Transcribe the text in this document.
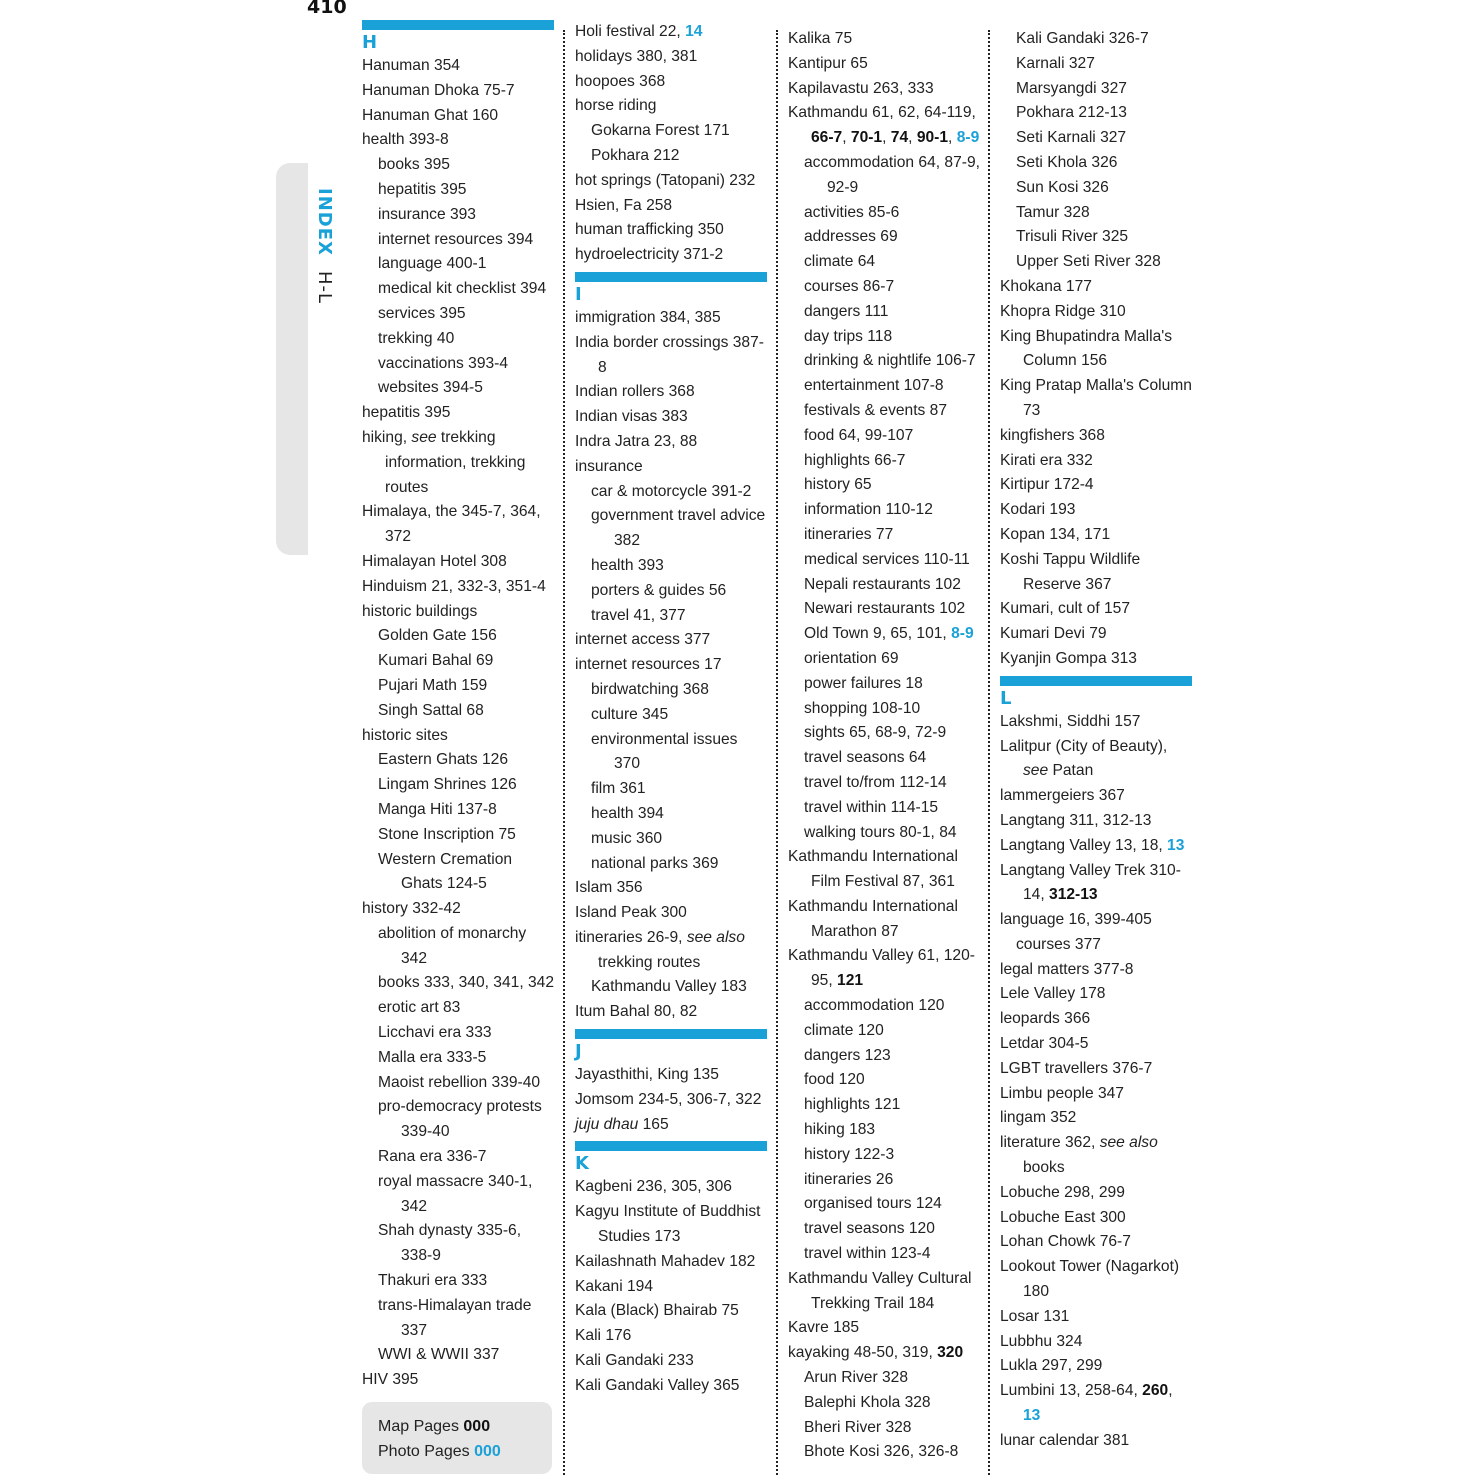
410
INDEX H-L
H
Hanuman 354
Hanuman Dhoka 75-7
Hanuman Ghat 160
health 393-8
books 395
hepatitis 395
insurance 393
internet resources 394
language 400-1
medical kit checklist 394
services 395
trekking 40
vaccinations 393-4
websites 394-5
hepatitis 395
hiking, see trekking information, trekking routes
Himalaya, the 345-7, 364, 372
Himalayan Hotel 308
Hinduism 21, 332-3, 351-4
historic buildings
Golden Gate 156
Kumari Bahal 69
Pujari Math 159
Singh Sattal 68
historic sites
Eastern Ghats 126
Lingam Shrines 126
Manga Hiti 137-8
Stone Inscription 75
Western Cremation Ghats 124-5
history 332-42
abolition of monarchy 342
books 333, 340, 341, 342
erotic art 83
Licchavi era 333
Malla era 333-5
Maoist rebellion 339-40
pro-democracy protests 339-40
Rana era 336-7
royal massacre 340-1, 342
Shah dynasty 335-6, 338-9
Thakuri era 333
trans-Himalayan trade 337
WWI & WWII 337
HIV 395
Holi festival 22, 14
holidays 380, 381
hoopoes 368
horse riding
Gokarna Forest 171
Pokhara 212
hot springs (Tatopani) 232
Hsien, Fa 258
human trafficking 350
hydroelectricity 371-2
I
immigration 384, 385
India border crossings 387-8
Indian rollers 368
Indian visas 383
Indra Jatra 23, 88
insurance
car & motorcycle 391-2
government travel advice 382
health 393
porters & guides 56
travel 41, 377
internet access 377
internet resources 17
birdwatching 368
culture 345
environmental issues 370
film 361
health 394
music 360
national parks 369
Islam 356
Island Peak 300
itineraries 26-9, see also trekking routes
Kathmandu Valley 183
Itum Bahal 80, 82
J
Jayasthithi, King 135
Jomsom 234-5, 306-7, 322
juju dhau 165
K
Kagbeni 236, 305, 306
Kagyu Institute of Buddhist Studies 173
Kailashnath Mahadev 182
Kakani 194
Kala (Black) Bhairab 75
Kali 176
Kali Gandaki 233
Kali Gandaki Valley 365
Kalika 75
Kantipur 65
Kapilavastu 263, 333
Kathmandu 61, 62, 64-119, 66-7, 70-1, 74, 90-1, 8-9
accommodation 64, 87-9, 92-9
activities 85-6
addresses 69
climate 64
courses 86-7
dangers 111
day trips 118
drinking & nightlife 106-7
entertainment 107-8
festivals & events 87
food 64, 99-107
highlights 66-7
history 65
information 110-12
itineraries 77
medical services 110-11
Nepali restaurants 102
Newari restaurants 102
Old Town 9, 65, 101, 8-9
orientation 69
power failures 18
shopping 108-10
sights 65, 68-9, 72-9
travel seasons 64
travel to/from 112-14
travel within 114-15
walking tours 80-1, 84
Kathmandu International Film Festival 87, 361
Kathmandu International Marathon 87
Kathmandu Valley 61, 120-95, 121
accommodation 120
climate 120
dangers 123
food 120
highlights 121
hiking 183
history 122-3
itineraries 26
organised tours 124
travel seasons 120
travel within 123-4
Kathmandu Valley Cultural Trekking Trail 184
Kavre 185
kayaking 48-50, 319, 320
Arun River 328
Balephi Khola 328
Bheri River 328
Bhote Kosi 326, 326-8
Kali Gandaki 326-7
Karnali 327
Marsyangdi 327
Pokhara 212-13
Seti Karnali 327
Seti Khola 326
Sun Kosi 326
Tamur 328
Trisuli River 325
Upper Seti River 328
Khokana 177
Khopra Ridge 310
King Bhupatindra Malla's Column 156
King Pratap Malla's Column 73
kingfishers 368
Kirati era 332
Kirtipur 172-4
Kodari 193
Kopan 134, 171
Koshi Tappu Wildlife Reserve 367
Kumari, cult of 157
Kumari Devi 79
Kyanjin Gompa 313
L
Lakshmi, Siddhi 157
Lalitpur (City of Beauty), see Patan
lammergeiers 367
Langtang 311, 312-13
Langtang Valley 13, 18, 13
Langtang Valley Trek 310-14, 312-13
language 16, 399-405
courses 377
legal matters 377-8
Lele Valley 178
leopards 366
Letdar 304-5
LGBT travellers 376-7
Limbu people 347
lingam 352
literature 362, see also books
Lobuche 298, 299
Lobuche East 300
Lohan Chowk 76-7
Lookout Tower (Nagarkot) 180
Losar 131
Lubbhu 324
Lukla 297, 299
Lumbini 13, 258-64, 260, 13
lunar calendar 381
Map Pages 000
Photo Pages 000
